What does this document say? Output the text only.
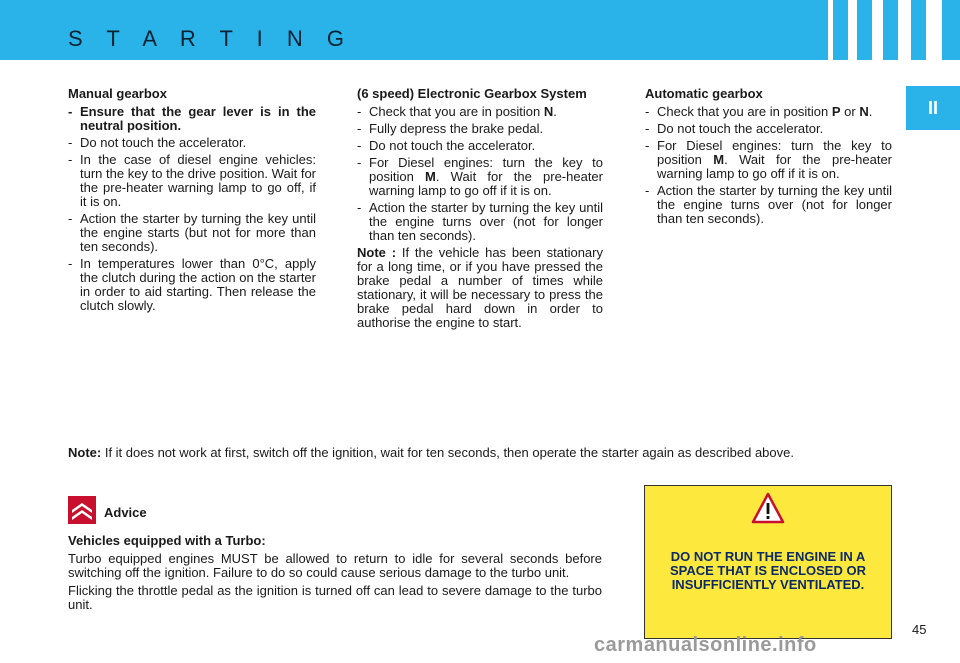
S T A R T I N G
II
Manual gearbox
- Ensure that the gear lever is in the neutral position.
- Do not touch the accelerator.
- In the case of diesel engine vehicles: turn the key to the drive position. Wait for the pre-heater warning lamp to go off, if it is on.
- Action the starter by turning the key until the engine starts (but not for more than ten seconds).
- In temperatures lower than 0°C, apply the clutch during the action on the starter in order to aid starting. Then release the clutch slowly.
(6 speed) Electronic Gearbox System
- Check that you are in position N.
- Fully depress the brake pedal.
- Do not touch the accelerator.
- For Diesel engines: turn the key to position M. Wait for the pre-heater warning lamp to go off if it is on.
- Action the starter by turning the key until the engine turns over (not for longer than ten seconds).

Note : If the vehicle has been stationary for a long time, or if you have pressed the brake pedal a number of times while stationary, it will be necessary to press the brake pedal hard down in order to authorise the engine to start.

Automatic gearbox
- Check that you are in position P or N.
- Do not touch the accelerator.
- For Diesel engines: turn the key to position M. Wait for the pre-heater warning lamp to go off if it is on.
- Action the starter by turning the key until the engine turns over (not for longer than ten seconds).
Note: If it does not work at first, switch off the ignition, wait for ten seconds, then operate the starter again as described above.
Advice

Vehicles equipped with a Turbo:

Turbo equipped engines MUST be allowed to return to idle for several seconds before switching off the ignition. Failure to do so could cause serious damage to the turbo unit.

Flicking the throttle pedal as the ignition is turned off can lead to severe damage to the turbo unit.

DO NOT RUN THE ENGINE IN A SPACE THAT IS ENCLOSED OR INSUFFICIENTLY VENTILATED.
45
carmanualsonline.info
